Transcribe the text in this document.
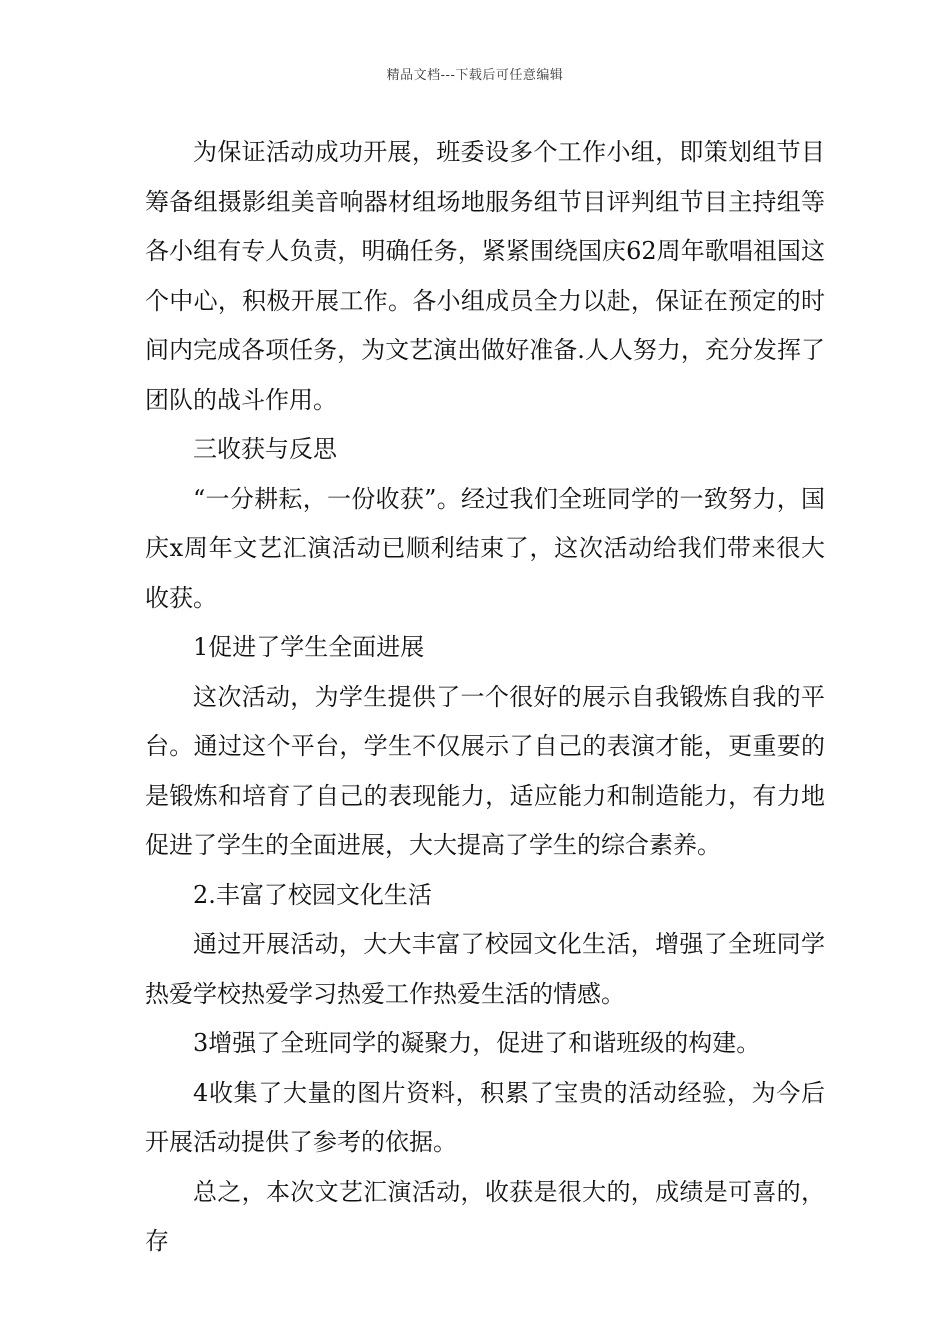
精品文档---下载后可任意编辑

为保证活动成功开展，班委设多个工作小组，即策划组节目筹备组摄影组美音响器材组场地服务组节目评判组节目主持组等各小组有专人负责，明确任务，紧紧围绕国庆62周年歌唱祖国这个中心，积极开展工作。各小组成员全力以赴，保证在预定的时间内完成各项任务，为文艺演出做好准备.人人努力，充分发挥了团队的战斗作用。

三收获与反思

“一分耕耘，一份收获”。经过我们全班同学的一致努力，国庆x周年文艺汇演活动已顺利结束了，这次活动给我们带来很大收获。

1促进了学生全面进展

这次活动，为学生提供了一个很好的展示自我锻炼自我的平台。通过这个平台，学生不仅展示了自己的表演才能，更重要的是锻炼和培育了自己的表现能力，适应能力和制造能力，有力地促进了学生的全面进展，大大提高了学生的综合素养。

2.丰富了校园文化生活

通过开展活动，大大丰富了校园文化生活，增强了全班同学热爱学校热爱学习热爱工作热爱生活的情感。

3增强了全班同学的凝聚力，促进了和谐班级的构建。

4收集了大量的图片资料，积累了宝贵的活动经验，为今后开展活动提供了参考的依据。

总之，本次文艺汇演活动，收获是很大的，成绩是可喜的，存
